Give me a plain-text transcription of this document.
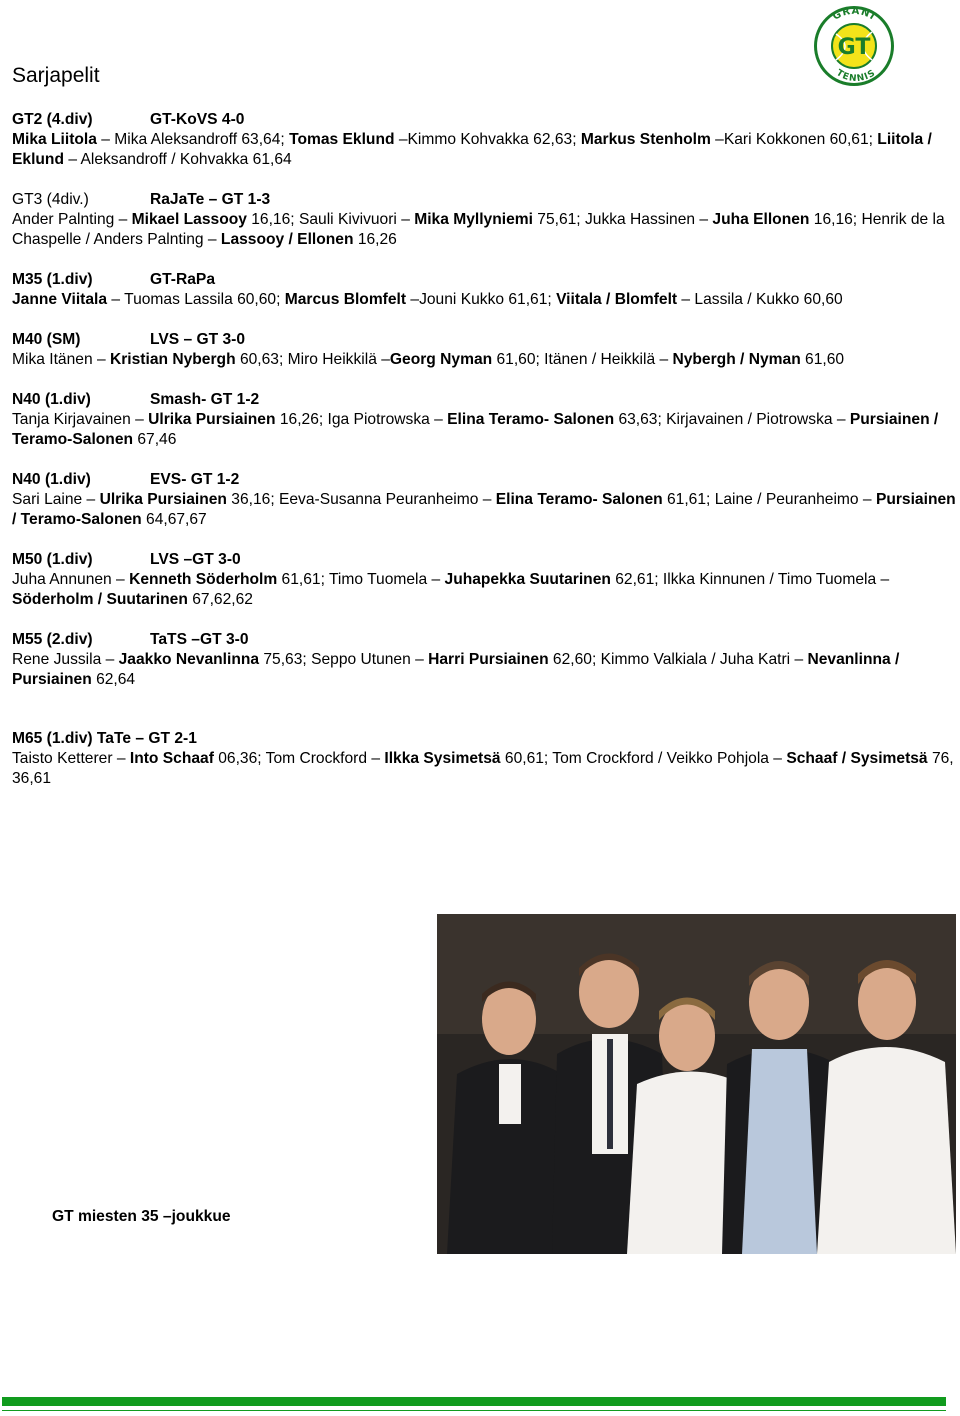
Sarjapelit
GRANI
GT
TENNIS
GT2 (4.div)	GT-KoVS 4-0
Mika Liitola – Mika Aleksandroff 63,64; Tomas Eklund –Kimmo Kohvakka 62,63; Markus Stenholm –Kari Kokkonen 60,61; Liitola / Eklund – Aleksandroff / Kohvakka 61,64
GT3 (4div.)	RaJaTe – GT 1-3
Ander Palnting – Mikael Lassooy 16,16; Sauli Kivivuori – Mika Myllyniemi 75,61; Jukka Hassinen – Juha Ellonen 16,16; Henrik de la Chaspelle / Anders Palnting – Lassooy / Ellonen 16,26
M35 (1.div)	GT-RaPa
Janne Viitala – Tuomas Lassila 60,60; Marcus Blomfelt –Jouni Kukko 61,61; Viitala / Blomfelt – Lassila / Kukko 60,60
M40 (SM)	LVS – GT 3-0
Mika Itänen – Kristian Nybergh 60,63; Miro Heikkilä –Georg Nyman 61,60; Itänen / Heikkilä – Nybergh / Nyman 61,60
N40 (1.div)	Smash- GT 1-2
Tanja Kirjavainen – Ulrika Pursiainen 16,26; Iga Piotrowska – Elina Teramo- Salonen 63,63; Kirjavainen / Piotrowska – Pursiainen / Teramo-Salonen 67,46
N40 (1.div)	EVS- GT 1-2
Sari Laine – Ulrika Pursiainen 36,16; Eeva-Susanna Peuranheimo – Elina Teramo- Salonen 61,61; Laine / Peuranheimo – Pursiainen / Teramo-Salonen 64,67,67
M50 (1.div)	LVS –GT 3-0
Juha Annunen – Kenneth Söderholm 61,61; Timo Tuomela – Juhapekka Suutarinen 62,61; Ilkka Kinnunen / Timo Tuomela – Söderholm / Suutarinen 67,62,62
M55 (2.div)	TaTS –GT 3-0
Rene Jussila – Jaakko Nevanlinna 75,63; Seppo Utunen – Harri Pursiainen 62,60; Kimmo Valkiala / Juha Katri – Nevanlinna / Pursiainen 62,64
M65 (1.div) TaTe – GT 2-1
Taisto Ketterer – Into Schaaf 06,36; Tom Crockford – Ilkka Sysimetsä 60,61; Tom Crockford / Veikko Pohjola – Schaaf / Sysimetsä 76, 36,61
GT miesten 35 –joukkue
